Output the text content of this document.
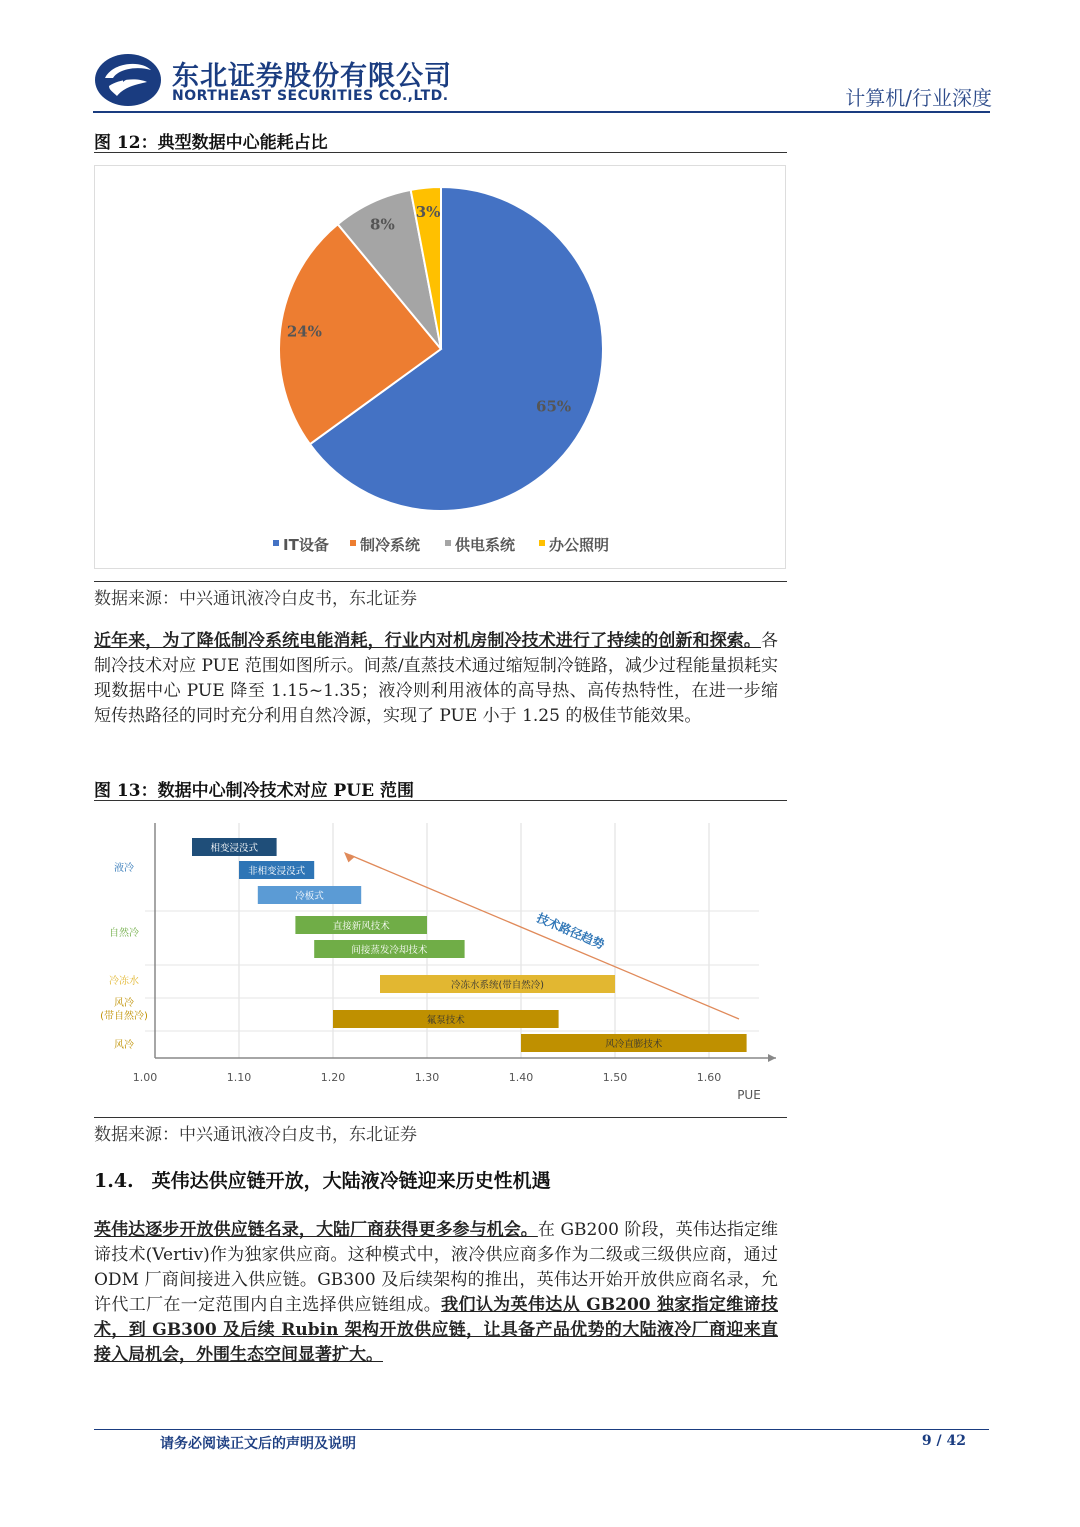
东北证券股份有限公司
NORTHEAST SECURITIES CO.,LTD.	计算机/行业深度
图 12：典型数据中心能耗占比
65%
24%
8%
3%
IT设备 制冷系统 供电系统 办公照明
数据来源：中兴通讯液冷白皮书，东北证券
近年来，为了降低制冷系统电能消耗，行业内对机房制冷技术进行了持续的创新和探索。各制冷技术对应 PUE 范围如图所示。间蒸/直蒸技术通过缩短制冷链路，减少过程能量损耗实现数据中心 PUE 降至 1.15~1.35；液冷则利用液体的高导热、高传热特性，在进一步缩短传热路径的同时充分利用自然冷源，实现了 PUE 小于 1.25 的极佳节能效果。
图 13：数据中心制冷技术对应 PUE 范围
1.00	1.10	1.20	1.30	1.40	1.50	1.60
PUE
液冷
自然冷
冷冻水
风冷
(带自然冷)
风冷
相变浸没式
非相变浸没式
冷板式
直接新风技术
间接蒸发冷却技术
冷冻水系统(带自然冷)
氟泵技术
风冷直膨技术
技术路径趋势
数据来源：中兴通讯液冷白皮书，东北证券
1.4. 英伟达供应链开放，大陆液冷链迎来历史性机遇
英伟达逐步开放供应链名录，大陆厂商获得更多参与机会。在 GB200 阶段，英伟达指定维谛技术(Vertiv)作为独家供应商。这种模式中，液冷供应商多作为二级或三级供应商，通过 ODM 厂商间接进入供应链。GB300 及后续架构的推出，英伟达开始开放供应商名录，允许代工厂在一定范围内自主选择供应链组成。我们认为英伟达从 GB200 独家指定维谛技术，到 GB300 及后续 Rubin 架构开放供应链，让具备产品优势的大陆液冷厂商迎来直接入局机会，外围生态空间显著扩大。
请务必阅读正文后的声明及说明	9 / 42
